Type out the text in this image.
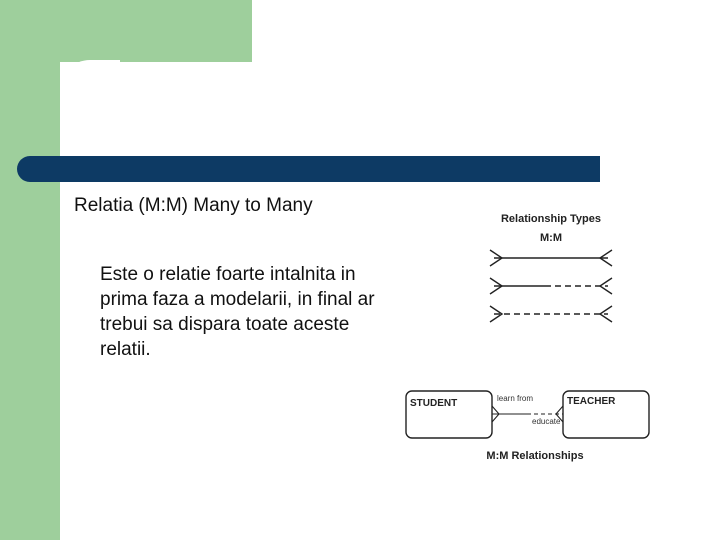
Relatia (M:M) Many to Many
Este o relatie foarte intalnita in prima faza a modelarii, in final ar trebui sa dispara toate aceste relatii.
Relationship Types
M:M
STUDENT	TEACHER
learn from
educate
M:M Relationships
